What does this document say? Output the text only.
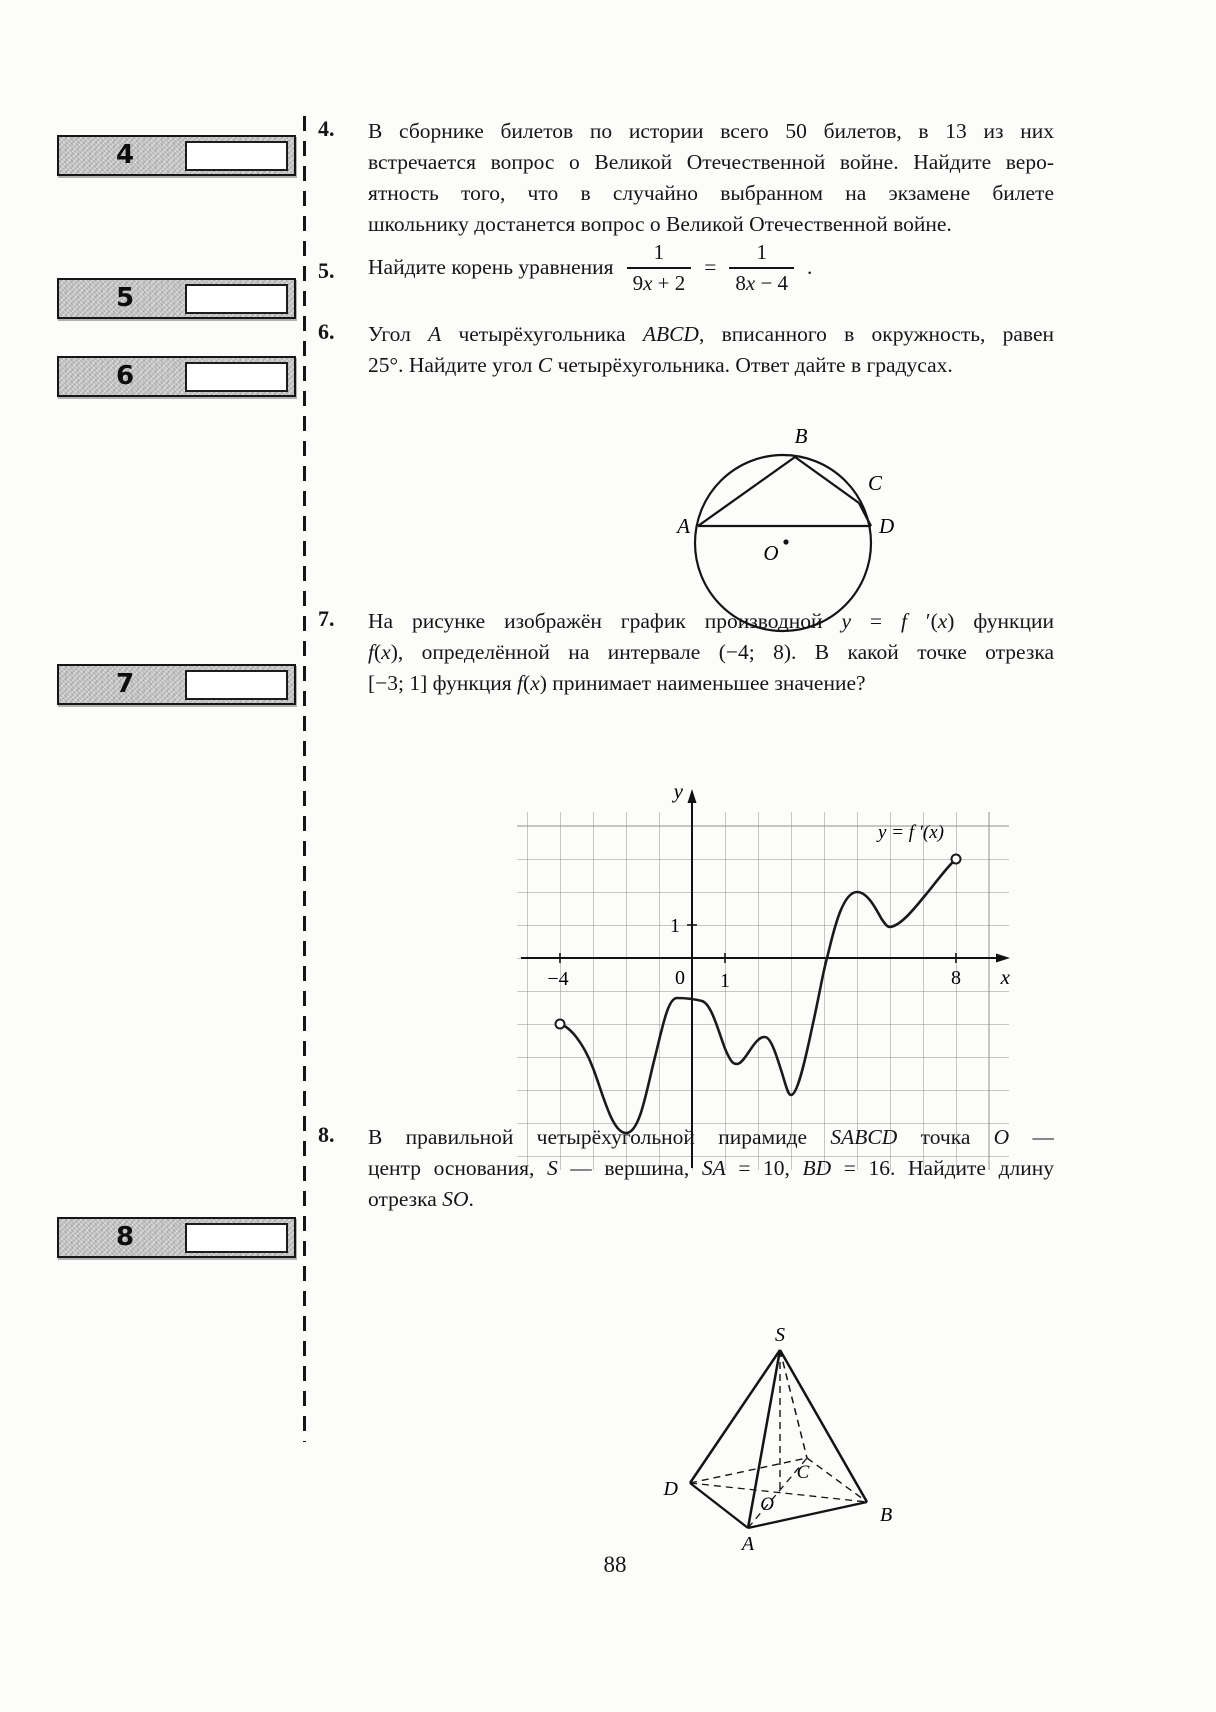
4
5
6
7
8
4. В сборнике билетов по истории всего 50 билетов, в 13 из них
встречается вопрос о Великой Отечественной войне. Найдите веро-
ятность того, что в случайно выбранном на экзамене билете
школьнику достанется вопрос о Великой Отечественной войне.
5. Найдите корень уравнения $\frac{1}{9x + 2} = \frac{1}{8x - 4}$ .
6. Угол A четырёхугольника ABCD, вписанного в окружность, равен
25°. Найдите угол C четырёхугольника. Ответ дайте в градусах.
A
B
C
D
O
7. На рисунке изображён график производной y = f ′(x) функции
f(x), определённой на интервале (−4; 8). В какой точке отрезка
[−3; 1] функция f(x) принимает наименьшее значение?
y
x
−4	0 1	8
1
y = f ′(x)
8. В правильной четырёхугольной пирамиде SABCD точка O —
центр основания, S — вершина, SA = 10, BD = 16. Найдите длину
отрезка SO.
S
D
A
B
C
O
88
